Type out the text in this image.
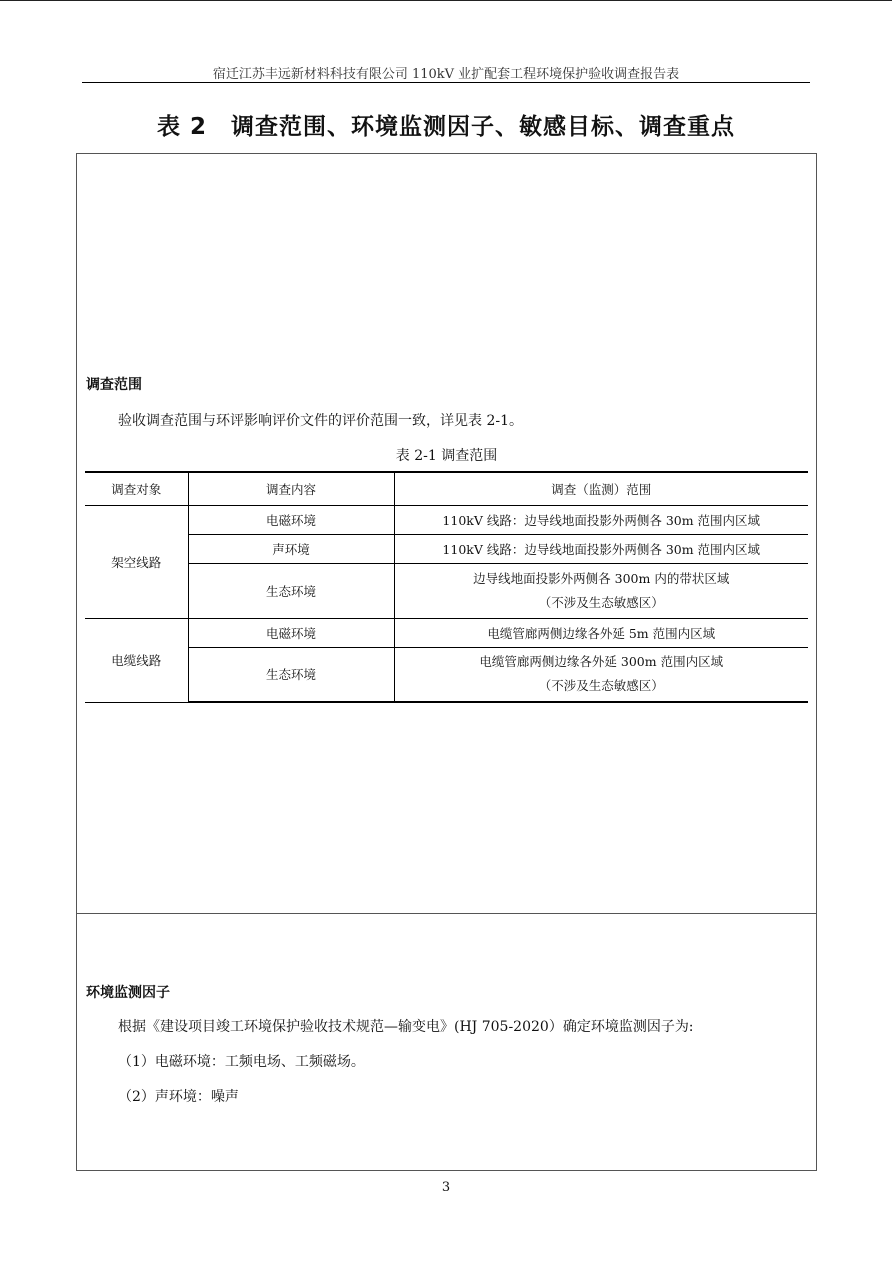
宿迁江苏丰远新材料科技有限公司 110kV 业扩配套工程环境保护验收调查报告表
表 2　调查范围、环境监测因子、敏感目标、调查重点
调查范围
验收调查范围与环评影响评价文件的评价范围一致，详见表 2-1。
表 2-1 调查范围
调查对象	调查内容	调查（监测）范围
架空线路	电磁环境	110kV 线路：边导线地面投影外两侧各 30m 范围内区域
	声环境	110kV 线路：边导线地面投影外两侧各 30m 范围内区域
	生态环境	边导线地面投影外两侧各 300m 内的带状区域
（不涉及生态敏感区）

电缆线路	电磁环境	电缆管廊两侧边缘各外延 5m 范围内区域
	生态环境	电缆管廊两侧边缘各外延 300m 范围内区域
（不涉及生态敏感区）
环境监测因子
根据《建设项目竣工环境保护验收技术规范—输变电》(HJ 705-2020）确定环境监测因子为:
（1）电磁环境：工频电场、工频磁场。
（2）声环境：噪声
3
